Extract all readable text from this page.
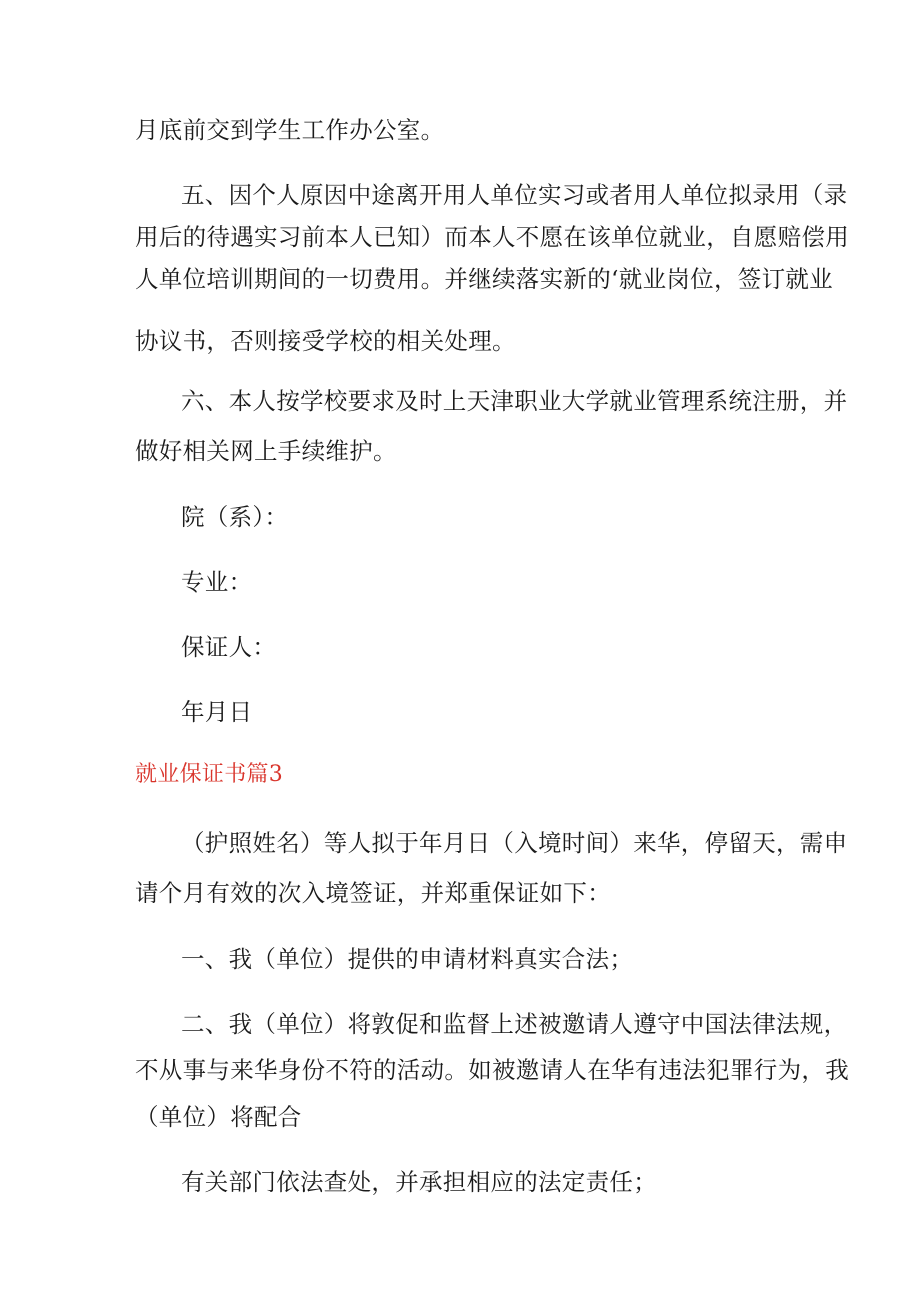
月底前交到学生工作办公室。
五、因个人原因中途离开用人单位实习或者用人单位拟录用（录
用后的待遇实习前本人已知）而本人不愿在该单位就业，自愿赔偿用
人单位培训期间的一切费用。并继续落实新的‘就业岗位，签订就业
协议书，否则接受学校的相关处理。
六、本人按学校要求及时上天津职业大学就业管理系统注册，并
做好相关网上手续维护。
院（系）：
专业：
保证人：
年月日
就业保证书篇3
（护照姓名）等人拟于年月日（入境时间）来华，停留天，需申
请个月有效的次入境签证，并郑重保证如下：
一、我（单位）提供的申请材料真实合法；
二、我（单位）将敦促和监督上述被邀请人遵守中国法律法规，
不从事与来华身份不符的活动。如被邀请人在华有违法犯罪行为，我
（单位）将配合
有关部门依法查处，并承担相应的法定责任；
